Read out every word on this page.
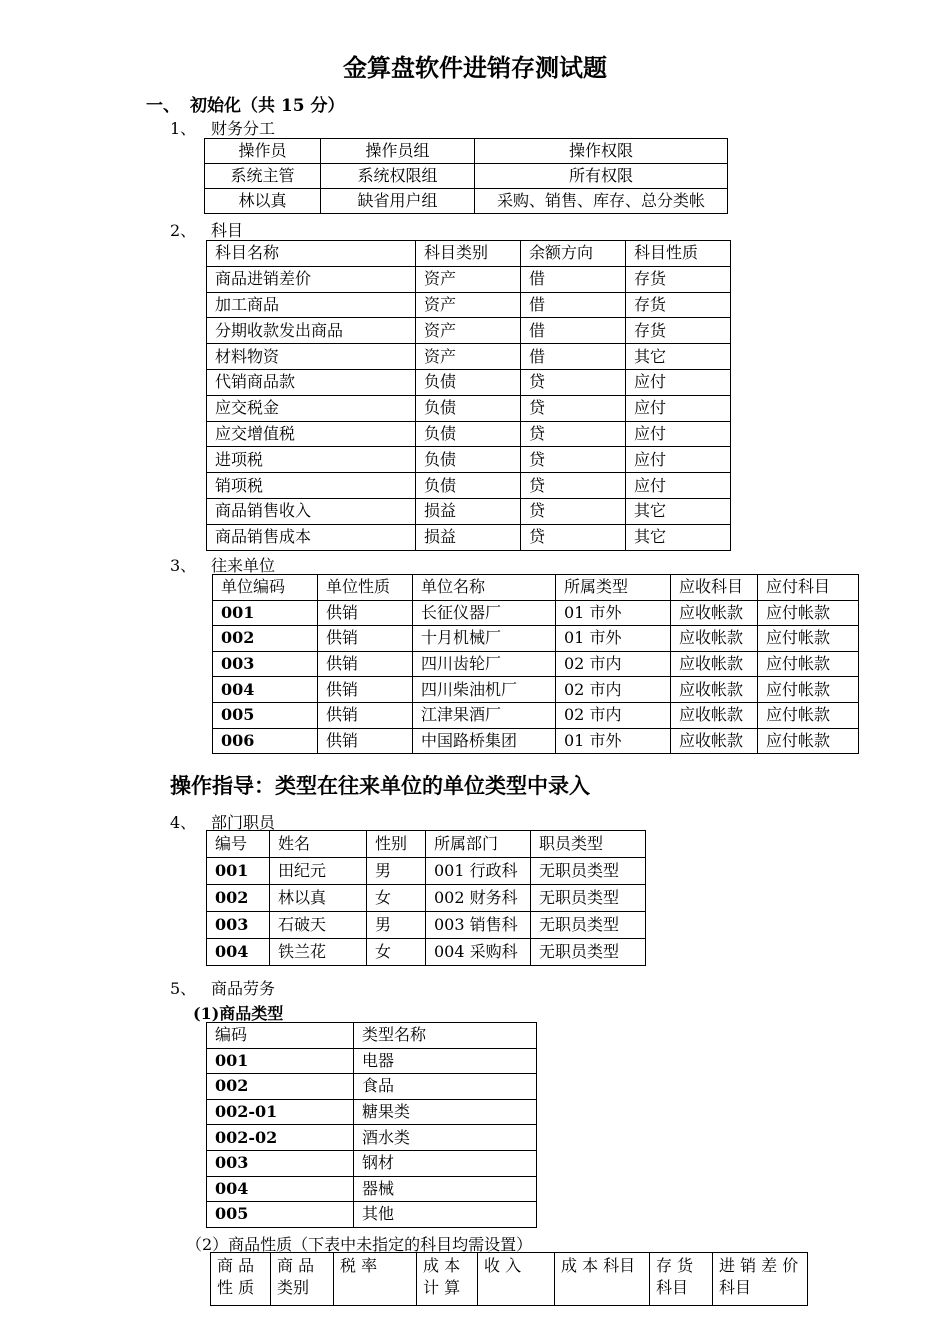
金算盘软件进销存测试题
一、 初始化（共 15 分）
1、 财务分工
操作员	操作员组	操作权限
系统主管	系统权限组	所有权限
林以真	缺省用户组	采购、销售、库存、总分类帐
2、 科目
科目名称	科目类别	余额方向	科目性质
商品进销差价	资产	借	存货
加工商品	资产	借	存货
分期收款发出商品	资产	借	存货
材料物资	资产	借	其它
代销商品款	负债	贷	应付
应交税金	负债	贷	应付
应交增值税	负债	贷	应付
进项税	负债	贷	应付
销项税	负债	贷	应付
商品销售收入	损益	贷	其它
商品销售成本	损益	贷	其它
3、 往来单位
单位编码	单位性质	单位名称	所属类型	应收科目	应付科目
001	供销	长征仪器厂	01 市外	应收帐款	应付帐款
002	供销	十月机械厂	01 市外	应收帐款	应付帐款
003	供销	四川齿轮厂	02 市内	应收帐款	应付帐款
004	供销	四川柴油机厂	02 市内	应收帐款	应付帐款
005	供销	江津果酒厂	02 市内	应收帐款	应付帐款
006	供销	中国路桥集团	01 市外	应收帐款	应付帐款
操作指导：类型在往来单位的单位类型中录入
4、 部门职员
编号	姓名	性别	所属部门	职员类型
001	田纪元	男	001 行政科	无职员类型
002	林以真	女	002 财务科	无职员类型
003	石破天	男	003 销售科	无职员类型
004	铁兰花	女	004 采购科	无职员类型
5、 商品劳务
(1)商品类型
编码	类型名称
001	电器
002	食品
002-01	糖果类
002-02	酒水类
003	钢材
004	器械
005	其他
（2）商品性质（下表中未指定的科目均需设置）
商 品 性 质	商 品 类别	税 率	成 本 计 算	收 入	成 本 科目	存 货 科目	进 销 差 价 科目
